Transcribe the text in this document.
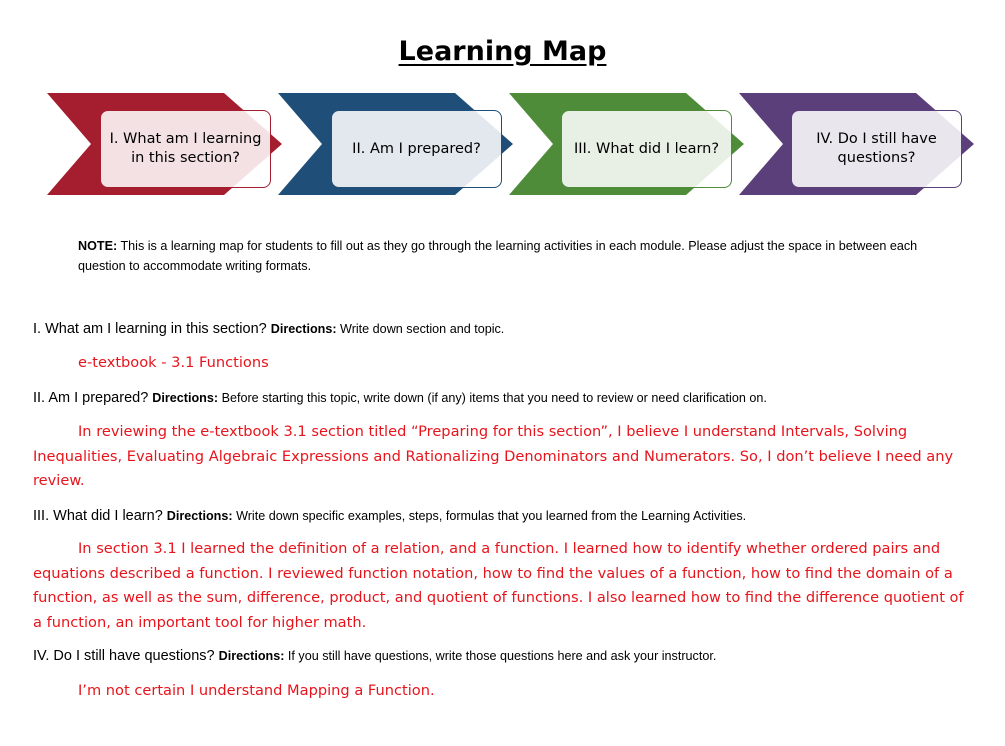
Learning Map
I. What am I learning in this section?
II. Am I prepared?	III. What did I learn?
IV. Do I still have questions?

NOTE: This is a learning map for students to fill out as they go through the learning activities in each module. Please adjust the space in between each question to accommodate writing formats.

I. What am I learning in this section? Directions: Write down section and topic.

e-textbook - 3.1 Functions

II. Am I prepared? Directions: Before starting this topic, write down (if any) items that you need to review or need clarification on.

In reviewing the e-textbook 3.1 section titled “Preparing for this section”, I believe I understand Intervals, Solving Inequalities, Evaluating Algebraic Expressions and Rationalizing Denominators and Numerators. So, I don’t believe I need any review.

III. What did I learn? Directions: Write down specific examples, steps, formulas that you learned from the Learning Activities.

In section 3.1 I learned the definition of a relation, and a function. I learned how to identify whether ordered pairs and equations described a function. I reviewed function notation, how to find the values of a function, how to find the domain of a function, as well as the sum, difference, product, and quotient of functions. I also learned how to find the difference quotient of a function, an important tool for higher math.

IV. Do I still have questions? Directions: If you still have questions, write those questions here and ask your instructor.

I’m not certain I understand Mapping a Function.
